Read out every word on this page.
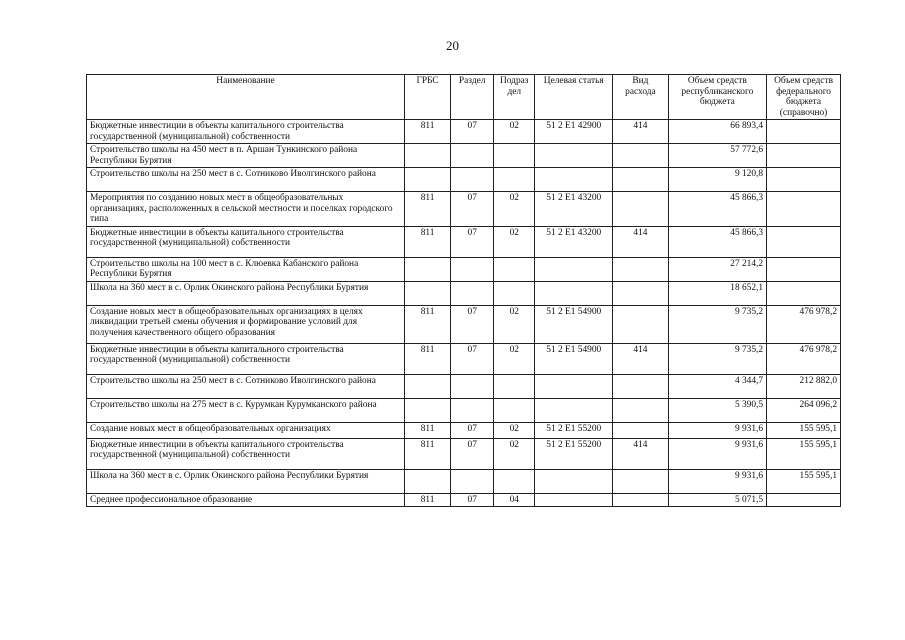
20
Наименование	ГРБС	Раздел	Подраз дел	Целевая статья	Вид расхода	Объем средств республиканского бюджета	Объем средств федерального бюджета (справочно)
Бюджетные инвестиции в объекты капитального строительства государственной (муниципальной) собственности	811	07	02	51 2 E1 42900	414	66 893,4	
Строительство школы на 450 мест в п. Аршан Тункинского района Республики Бурятия						57 772,6	
Строительство школы на 250 мест в с. Сотниково Иволгинского района						9 120,8	
Мероприятия по созданию новых мест в общеобразовательных организациях, расположенных в сельской местности и поселках городского типа	811	07	02	51 2 E1 43200		45 866,3	
Бюджетные инвестиции в объекты капитального строительства государственной (муниципальной) собственности	811	07	02	51 2 E1 43200	414	45 866,3	
Строительство школы на 100 мест в с. Клюевка Кабанского района Республики Бурятия						27 214,2	
Школа на 360 мест в с. Орлик Окинского района Республики Бурятия						18 652,1	
Создание новых мест в общеобразовательных организациях в целях ликвидации третьей смены обучения и формирование условий для получения качественного общего образования	811	07	02	51 2 E1 54900		9 735,2	476 978,2
Бюджетные инвестиции в объекты капитального строительства государственной (муниципальной) собственности	811	07	02	51 2 E1 54900	414	9 735,2	476 978,2
Строительство школы на 250 мест в с. Сотниково Иволгинского района						4 344,7	212 882,0
Строительство школы на 275 мест в с. Курумкан Курумканского района						5 390,5	264 096,2
Создание новых мест в общеобразовательных организациях	811	07	02	51 2 E1 55200		9 931,6	155 595,1
Бюджетные инвестиции в объекты капитального строительства государственной (муниципальной) собственности	811	07	02	51 2 E1 55200	414	9 931,6	155 595,1
Школа на 360 мест в с. Орлик Окинского района Республики Бурятия						9 931,6	155 595,1
Среднее профессиональное образование	811	07	04			5 071,5	
